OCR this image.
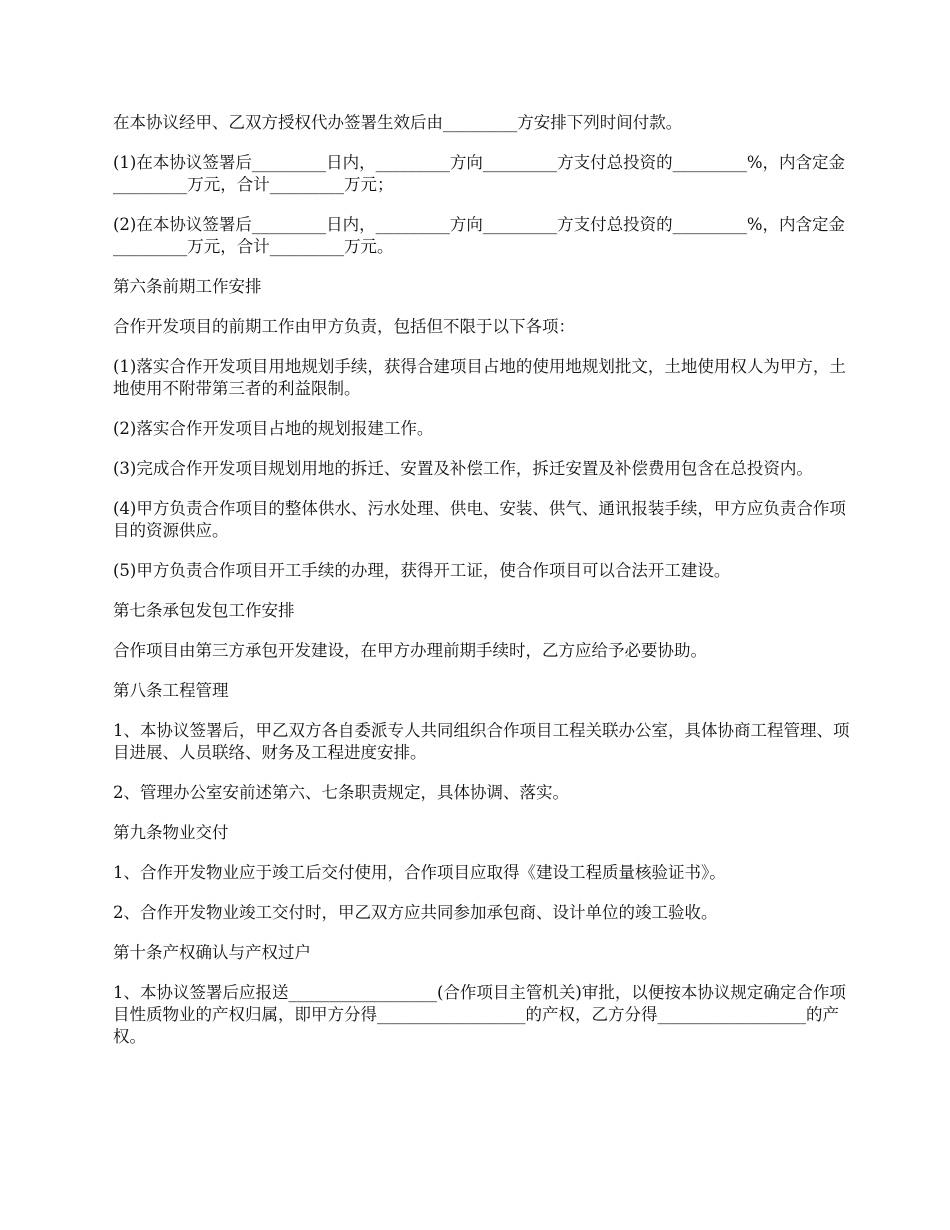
在本协议经甲、乙双方授权代办签署生效后由_________方安排下列时间付款。

(1)在本协议签署后_________日内，_________方向_________方支付总投资的_________%，内含定金_________万元，合计_________万元；

(2)在本协议签署后_________日内，_________方向_________方支付总投资的_________%，内含定金_________万元，合计_________万元。

第六条前期工作安排

合作开发项目的前期工作由甲方负责，包括但不限于以下各项：

(1)落实合作开发项目用地规划手续，获得合建项目占地的使用地规划批文，土地使用权人为甲方，土地使用不附带第三者的利益限制。

(2)落实合作开发项目占地的规划报建工作。

(3)完成合作开发项目规划用地的拆迁、安置及补偿工作，拆迁安置及补偿费用包含在总投资内。

(4)甲方负责合作项目的整体供水、污水处理、供电、安装、供气、通讯报装手续，甲方应负责合作项目的资源供应。

(5)甲方负责合作项目开工手续的办理，获得开工证，使合作项目可以合法开工建设。

第七条承包发包工作安排

合作项目由第三方承包开发建设，在甲方办理前期手续时，乙方应给予必要协助。

第八条工程管理

1、本协议签署后，甲乙双方各自委派专人共同组织合作项目工程关联办公室，具体协商工程管理、项目进展、人员联络、财务及工程进度安排。

2、管理办公室安前述第六、七条职责规定，具体协调、落实。

第九条物业交付

1、合作开发物业应于竣工后交付使用，合作项目应取得《建设工程质量核验证书》。

2、合作开发物业竣工交付时，甲乙双方应共同参加承包商、设计单位的竣工验收。

第十条产权确认与产权过户

1、本协议签署后应报送__________________(合作项目主管机关)审批，以便按本协议规定确定合作项目性质物业的产权归属，即甲方分得__________________的产权，乙方分得__________________的产权。
